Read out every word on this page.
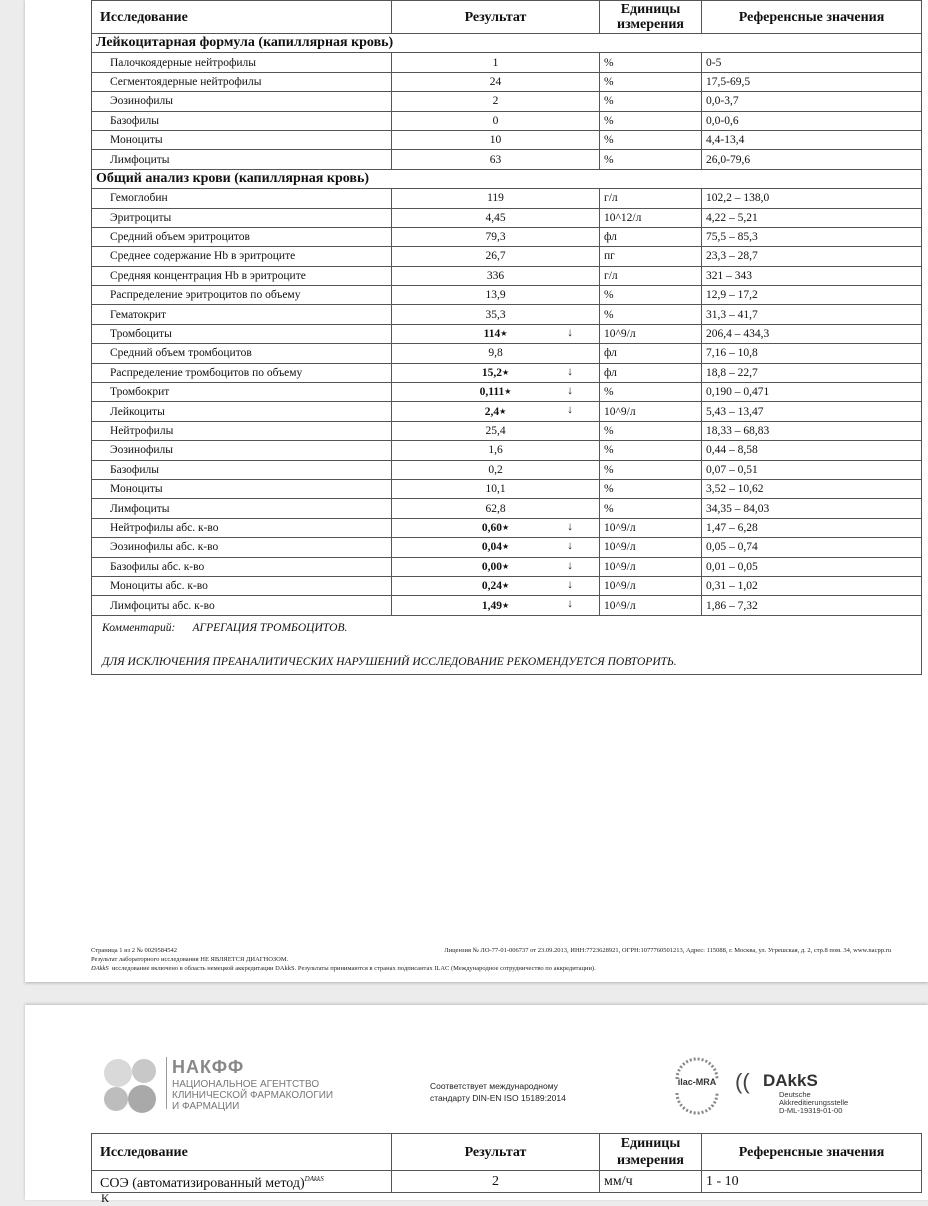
Исследование	Результат	Единицы измерения	Референсные значения
Лейкоцитарная формула (капиллярная кровь)			
Палочкоядерные нейтрофилы	1	%	0-5
Сегментоядерные нейтрофилы	24	%	17,5-69,5
Эозинофилы	2	%	0,0-3,7
Базофилы	0	%	0,0-0,6
Моноциты	10	%	4,4-13,4
Лимфоциты	63	%	26,0-79,6
Общий анализ крови (капиллярная кровь)			
Гемоглобин	119	г/л	102,2 – 138,0
Эритроциты	4,45	10^12/л	4,22 – 5,21
Средний объем эритроцитов	79,3	фл	75,5 – 85,3
Среднее содержание Hb в эритроците	26,7	пг	23,3 – 28,7
Средняя концентрация Hb в эритроците	336	г/л	321 – 343
Распределение эритроцитов по объему	13,9	%	12,9 – 17,2
Гематокрит	35,3	%	31,3 – 41,7
Тромбоциты	114★ ↓	10^9/л	206,4 – 434,3
Средний объем тромбоцитов	9,8	фл	7,16 – 10,8
Распределение тромбоцитов по объему	15,2★ ↓	фл	18,8 – 22,7
Тромбокрит	0,111★ ↓	%	0,190 – 0,471
Лейкоциты	2,4★ ↓	10^9/л	5,43 – 13,47
Нейтрофилы	25,4	%	18,33 – 68,83
Эозинофилы	1,6	%	0,44 – 8,58
Базофилы	0,2	%	0,07 – 0,51
Моноциты	10,1	%	3,52 – 10,62
Лимфоциты	62,8	%	34,35 – 84,03
Нейтрофилы абс. к-во	0,60★ ↓	10^9/л	1,47 – 6,28
Эозинофилы абс. к-во	0,04★ ↓	10^9/л	0,05 – 0,74
Базофилы абс. к-во	0,00★ ↓	10^9/л	0,01 – 0,05
Моноциты абс. к-во	0,24★ ↓	10^9/л	0,31 – 1,02
Лимфоциты абс. к-во	1,49★ ↓	10^9/л	1,86 – 7,32

Комментарий: АГРЕГАЦИЯ ТРОМБОЦИТОВ.
ДЛЯ ИСКЛЮЧЕНИЯ ПРЕАНАЛИТИЧЕСКИХ НАРУШЕНИЙ ИССЛЕДОВАНИЕ РЕКОМЕНДУЕТСЯ ПОВТОРИТЬ.			
Страница 1 из 2 № 0029584542	Лицензия № ЛО-77-01-006737 от 23.09.2013, ИНН:7723628921, ОГРН:1077760501213, Адрес: 115088, г. Москва, ул. Угрешская, д. 2, стр.8 пом. 34, www.nacpp.ru
Результат лабораторного исследования НЕ ЯВЛЯЕТСЯ ДИАГНОЗОМ.
DAkkS исследование включено в область немецкой аккредитации DAkkS. Результаты принимаются в странах подписантах ILAC (Международное сотрудничество по аккредитации).
НАКФФ
НАЦИОНАЛЬНОЕ АГЕНТСТВО
КЛИНИЧЕСКОЙ ФАРМАКОЛОГИИ
И ФАРМАЦИИ
Соответствует международному
стандарту DIN-EN ISO 15189:2014
ilac-MRA (( DAkkS
Deutsche
Akkreditierungsstelle
D-ML-19319-01-00
Исследование	Результат	Единицы измерения	Референсные значения
СОЭ (автоматизированный метод)$^{DAkkS}$	2	мм/ч	1 - 10
К
